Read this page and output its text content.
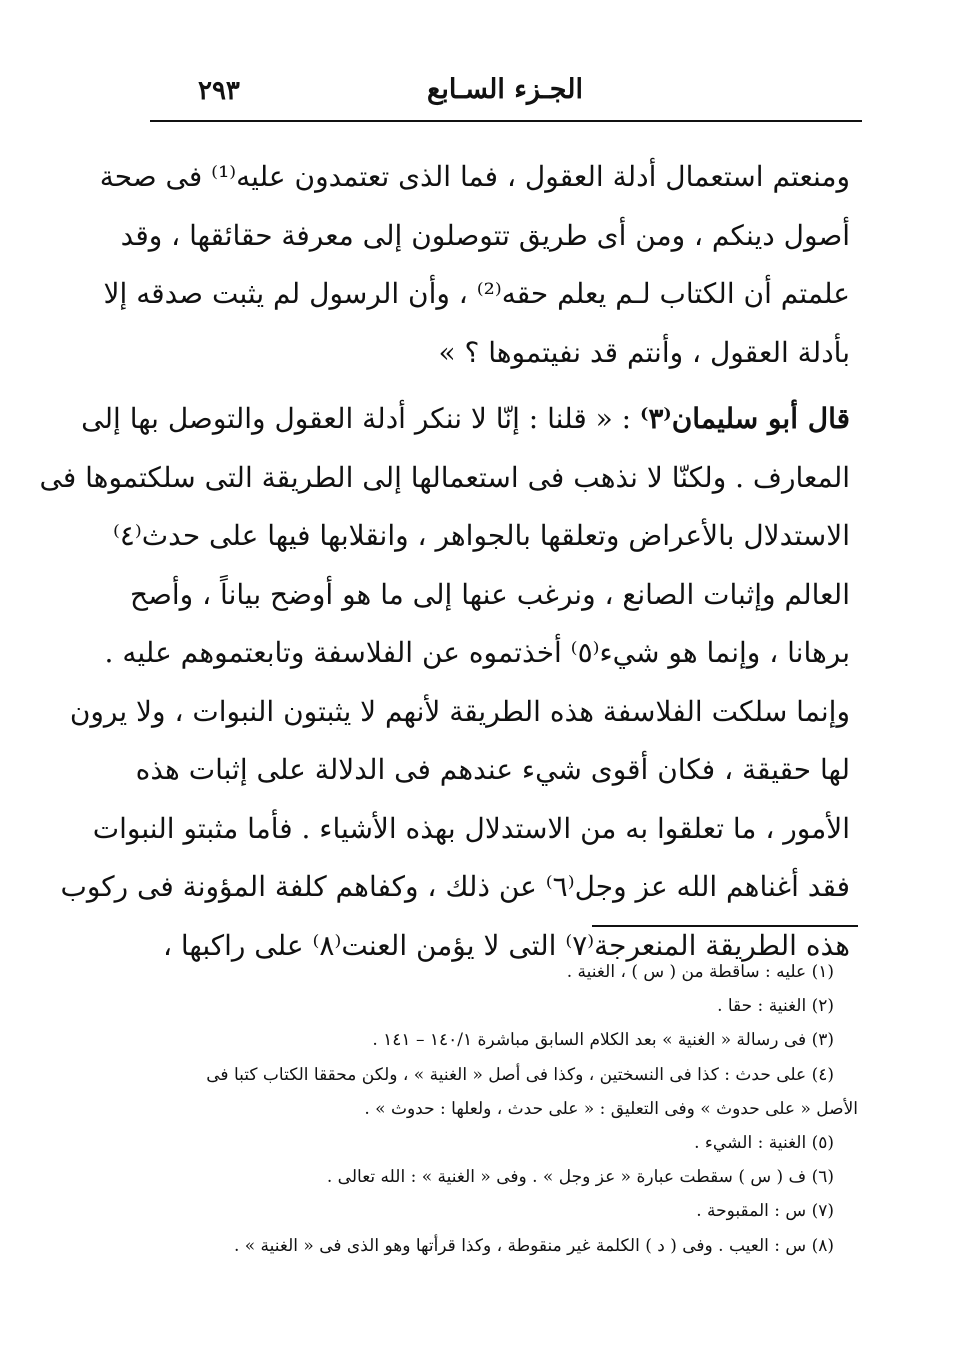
٢٩٣	الجـزء السـابع
ومنعتم استعمال أدلة العقول ، فما الذى تعتمدون عليه⁽¹⁾ فى صحة
أصول دينكم ، ومن أى طريق تتوصلون إلى معرفة حقائقها ، وقد
علمتم أن الكتاب لـم يعلم حقه⁽²⁾ ، وأن الرسول لم يثبت صدقه إلا
بأدلة العقول ، وأنتم قد نفيتموها ؟ »
قال أبو سليمان⁽٣⁾ : « قلنا : إنّا لا ننكر أدلة العقول والتوصل بها إلى
المعارف . ولكنّا لا نذهب فى استعمالها إلى الطريقة التى سلكتموها فى
الاستدلال بالأعراض وتعلقها بالجواهر ، وانقلابها فيها على حدث⁽٤⁾
العالم وإثبات الصانع ، ونرغب عنها إلى ما هو أوضح بياناً ، وأصح
برهانا ، وإنما هو شيء⁽٥⁾ أخذتموه عن الفلاسفة وتابعتموهم عليه .
وإنما سلكت الفلاسفة هذه الطريقة لأنهم لا يثبتون النبوات ، ولا يرون
لها حقيقة ، فكان أقوى شيء عندهم فى الدلالة على إثبات هذه
الأمور ، ما تعلقوا به من الاستدلال بهذه الأشياء . فأما مثبتو النبوات
فقد أغناهم الله عز وجل⁽٦⁾ عن ذلك ، وكفاهم كلفة المؤونة فى ركوب
هذه الطريقة المنعرجة⁽٧⁾ التى لا يؤمن العنت⁽٨⁾ على راكبها ،
(١) عليه : ساقطة من ( س ) ، الغنية .
(٢) الغنية : حقا .
(٣) فى رسالة « الغنية » بعد الكلام السابق مباشرة ١٤٠/١ – ١٤١ .
(٤) على حدث : كذا فى النسختين ، وكذا فى أصل « الغنية » ، ولكن محققا الكتاب كتبا فى
الأصل « على حدوث » وفى التعليق : « على حدث ، ولعلها : حدوث » .
(٥) الغنية : الشيء .
(٦) ف ( س ) سقطت عبارة « عز وجل » . وفى « الغنية » : الله تعالى .
(٧) س : المقبوحة .
(٨) س : العيب . وفى ( د ) الكلمة غير منقوطة ، وكذا قرأتها وهو الذى فى « الغنية » .
